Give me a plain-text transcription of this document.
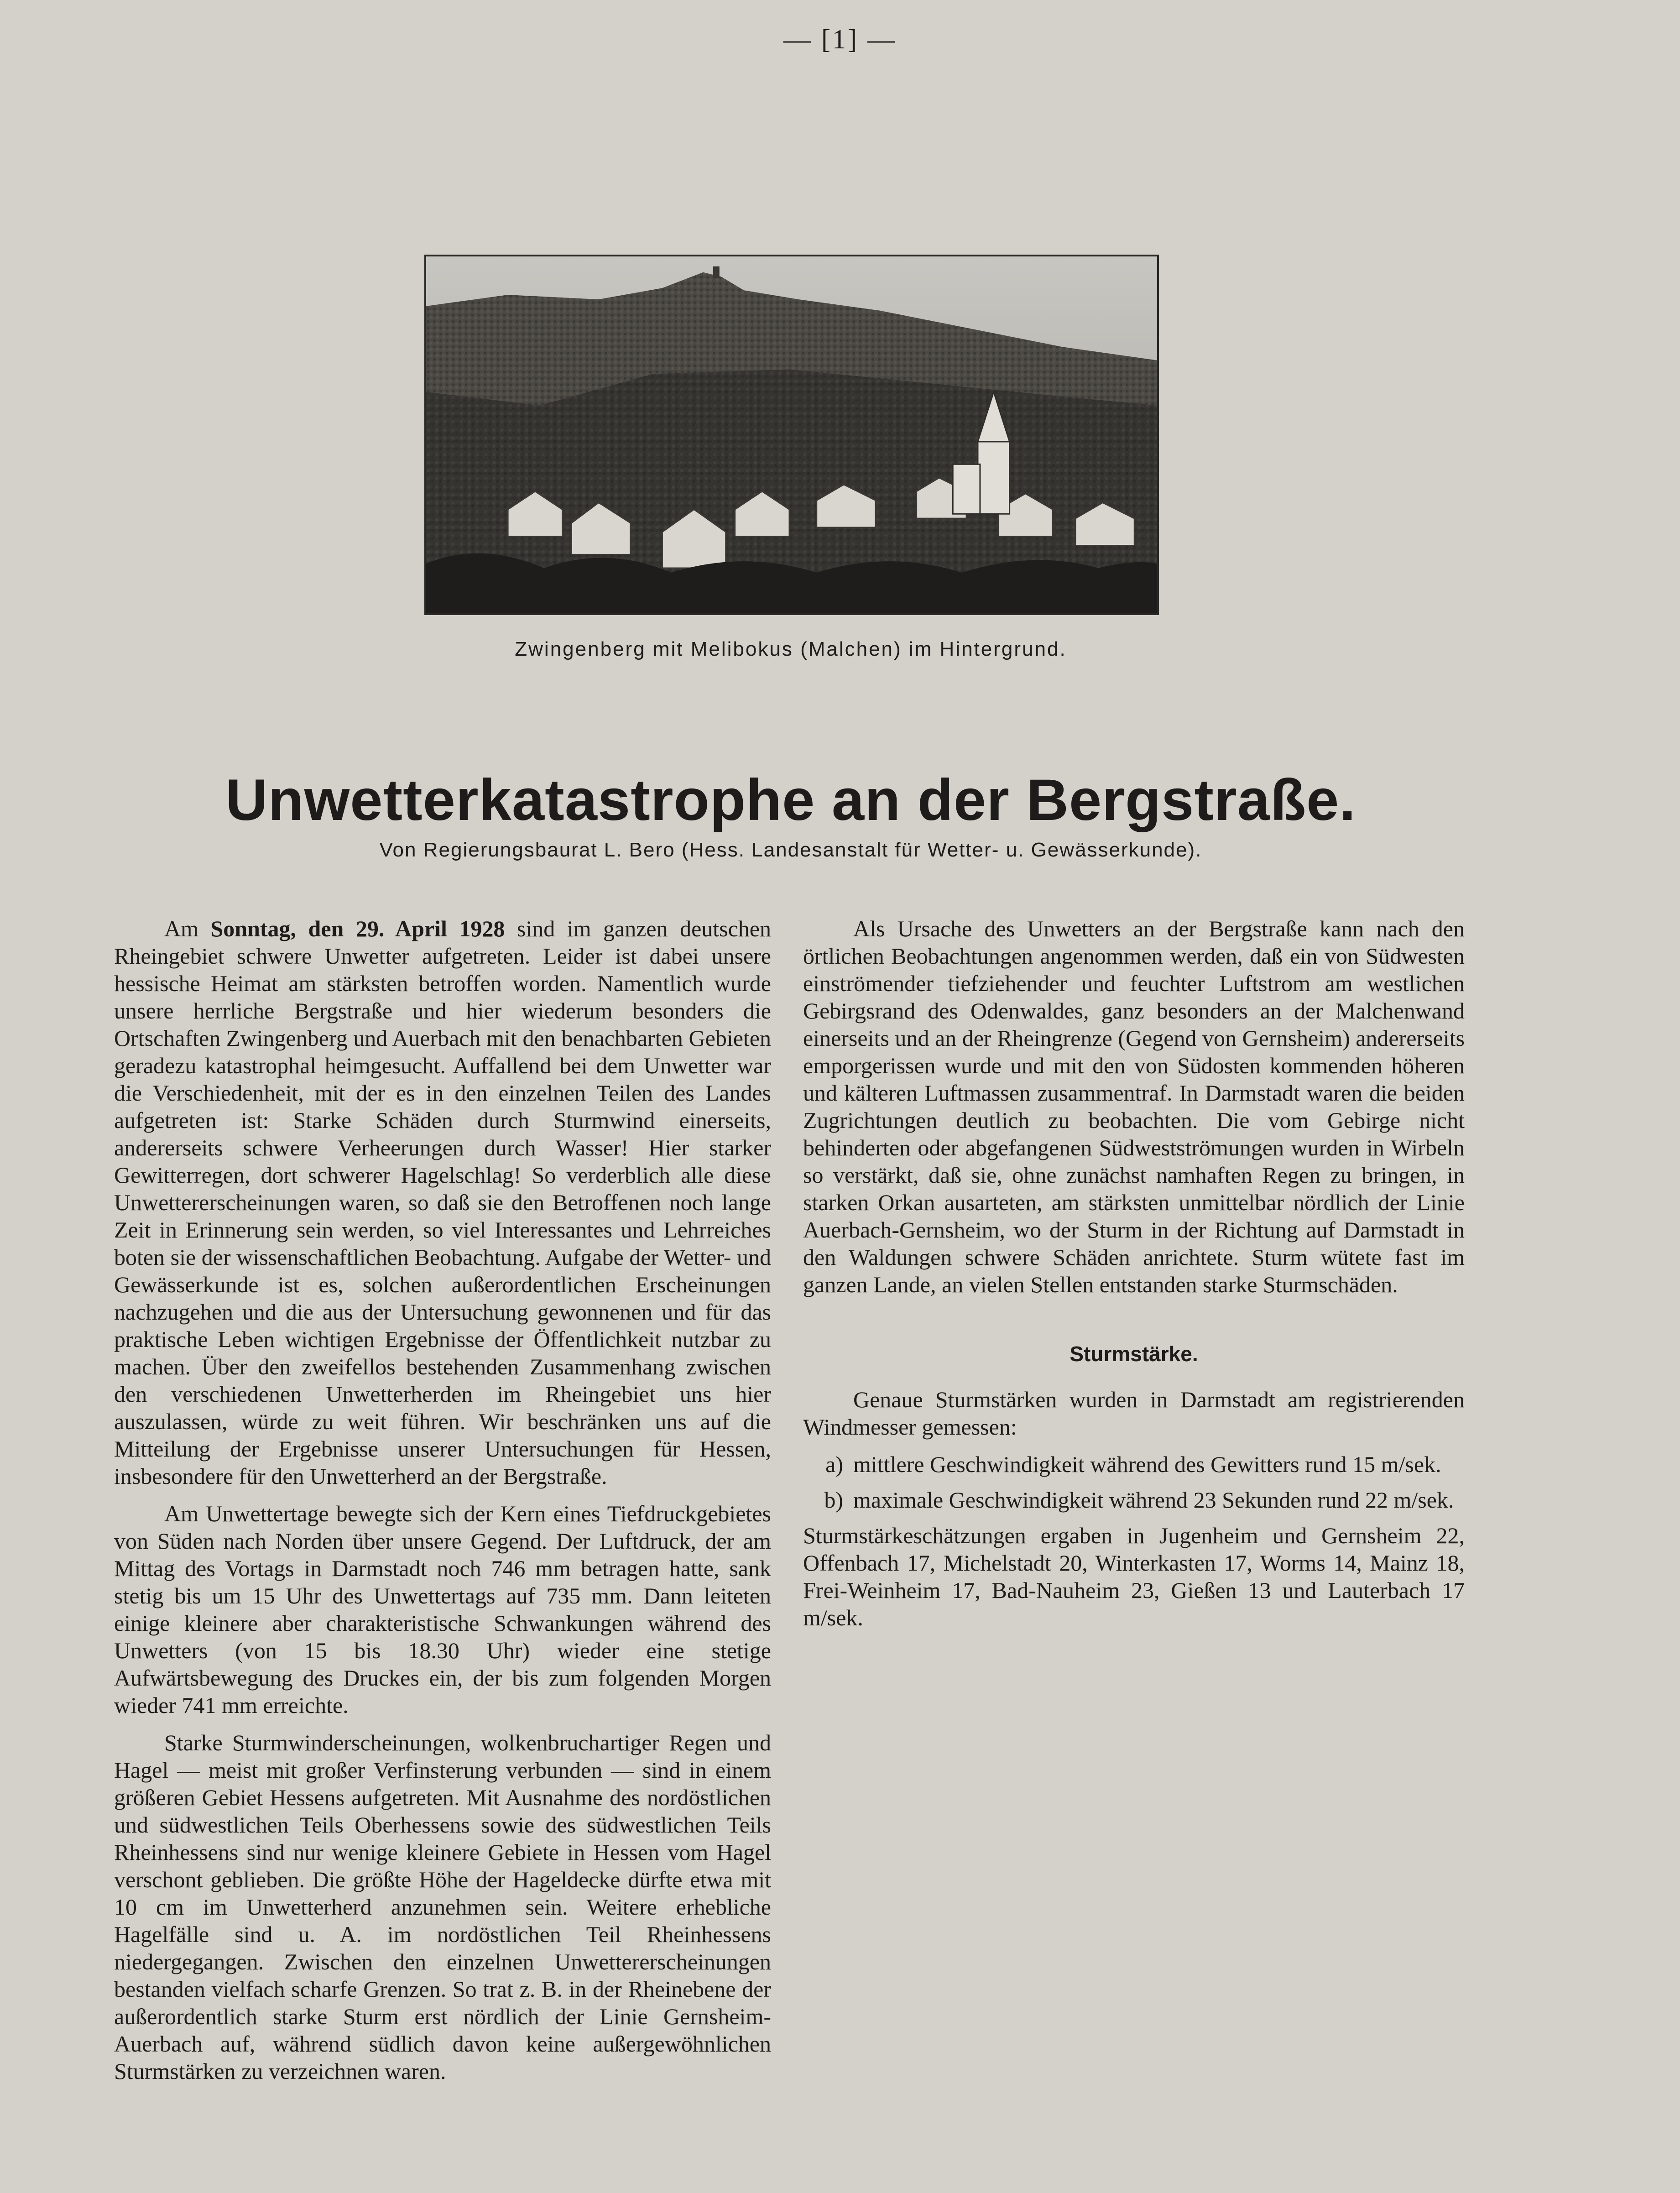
— [1] —
Zwingenberg mit Melibokus (Malchen) im Hintergrund.
Unwetterkatastrophe an der Bergstraße.
Von Regierungsbaurat L. Bero (Hess. Landesanstalt für Wetter- u. Gewässerkunde).

Am Sonntag, den 29. April 1928 sind im ganzen deutschen Rheingebiet schwere Unwetter aufgetreten. Leider ist dabei unsere hessische Heimat am stärksten betroffen worden. Namentlich wurde unsere herrliche Bergstraße und hier wiederum besonders die Ortschaften Zwingenberg und Auerbach mit den benachbarten Gebieten geradezu katastrophal heimgesucht. Auffallend bei dem Unwetter war die Verschiedenheit, mit der es in den einzelnen Teilen des Landes aufgetreten ist: Starke Schäden durch Sturmwind einerseits, andererseits schwere Verheerungen durch Wasser! Hier starker Gewitterregen, dort schwerer Hagelschlag! So verderblich alle diese Unwettererscheinungen waren, so daß sie den Betroffenen noch lange Zeit in Erinnerung sein werden, so viel Interessantes und Lehrreiches boten sie der wissenschaftlichen Beobachtung. Aufgabe der Wetter- und Gewässerkunde ist es, solchen außerordentlichen Erscheinungen nachzugehen und die aus der Untersuchung gewonnenen und für das praktische Leben wichtigen Ergebnisse der Öffentlichkeit nutzbar zu machen. Über den zweifellos bestehenden Zusammenhang zwischen den verschiedenen Unwetterherden im Rheingebiet uns hier auszulassen, würde zu weit führen. Wir beschränken uns auf die Mitteilung der Ergebnisse unserer Untersuchungen für Hessen, insbesondere für den Unwetterherd an der Bergstraße.

Am Unwettertage bewegte sich der Kern eines Tiefdruckgebietes von Süden nach Norden über unsere Gegend. Der Luftdruck, der am Mittag des Vortags in Darmstadt noch 746 mm betragen hatte, sank stetig bis um 15 Uhr des Unwettertags auf 735 mm. Dann leiteten einige kleinere aber charakteristische Schwankungen während des Unwetters (von 15 bis 18.30 Uhr) wieder eine stetige Aufwärtsbewegung des Druckes ein, der bis zum folgenden Morgen wieder 741 mm erreichte.

Starke Sturmwinderscheinungen, wolkenbruchartiger Regen und Hagel — meist mit großer Verfinsterung verbunden — sind in einem größeren Gebiet Hessens aufgetreten. Mit Ausnahme des nordöstlichen und südwestlichen Teils Oberhessens sowie des südwestlichen Teils Rheinhessens sind nur wenige kleinere Gebiete in Hessen vom Hagel verschont geblieben. Die größte Höhe der Hageldecke dürfte etwa mit 10 cm im Unwetterherd anzunehmen sein. Weitere erhebliche Hagelfälle sind u. A. im nordöstlichen Teil Rheinhessens niedergegangen. Zwischen den einzelnen Unwettererscheinungen bestanden vielfach scharfe Grenzen. So trat z. B. in der Rheinebene der außerordentlich starke Sturm erst nördlich der Linie Gernsheim-Auerbach auf, während südlich davon keine außergewöhnlichen Sturmstärken zu verzeichnen waren.

Als Ursache des Unwetters an der Bergstraße kann nach den örtlichen Beobachtungen angenommen werden, daß ein von Südwesten einströmender tiefziehender und feuchter Luftstrom am westlichen Gebirgsrand des Odenwaldes, ganz besonders an der Malchenwand einerseits und an der Rheingrenze (Gegend von Gernsheim) andererseits emporgerissen wurde und mit den von Südosten kommenden höheren und kälteren Luftmassen zusammentraf. In Darmstadt waren die beiden Zugrichtungen deutlich zu beobachten. Die vom Gebirge nicht behinderten oder abgefangenen Südwestströmungen wurden in Wirbeln so verstärkt, daß sie, ohne zunächst namhaften Regen zu bringen, in starken Orkan ausarteten, am stärksten unmittelbar nördlich der Linie Auerbach-Gernsheim, wo der Sturm in der Richtung auf Darmstadt in den Waldungen schwere Schäden anrichtete. Sturm wütete fast im ganzen Lande, an vielen Stellen entstanden starke Sturmschäden.

Sturmstärke.

Genaue Sturmstärken wurden in Darmstadt am registrierenden Windmesser gemessen:

a) mittlere Geschwindigkeit während des Gewitters rund 15 m/sek.
b) maximale Geschwindigkeit während 23 Sekunden rund 22 m/sek.

Sturmstärkeschätzungen ergaben in Jugenheim und Gernsheim 22, Offenbach 17, Michelstadt 20, Winterkasten 17, Worms 14, Mainz 18, Frei-Weinheim 17, Bad-Nauheim 23, Gießen 13 und Lauterbach 17 m/sek.
